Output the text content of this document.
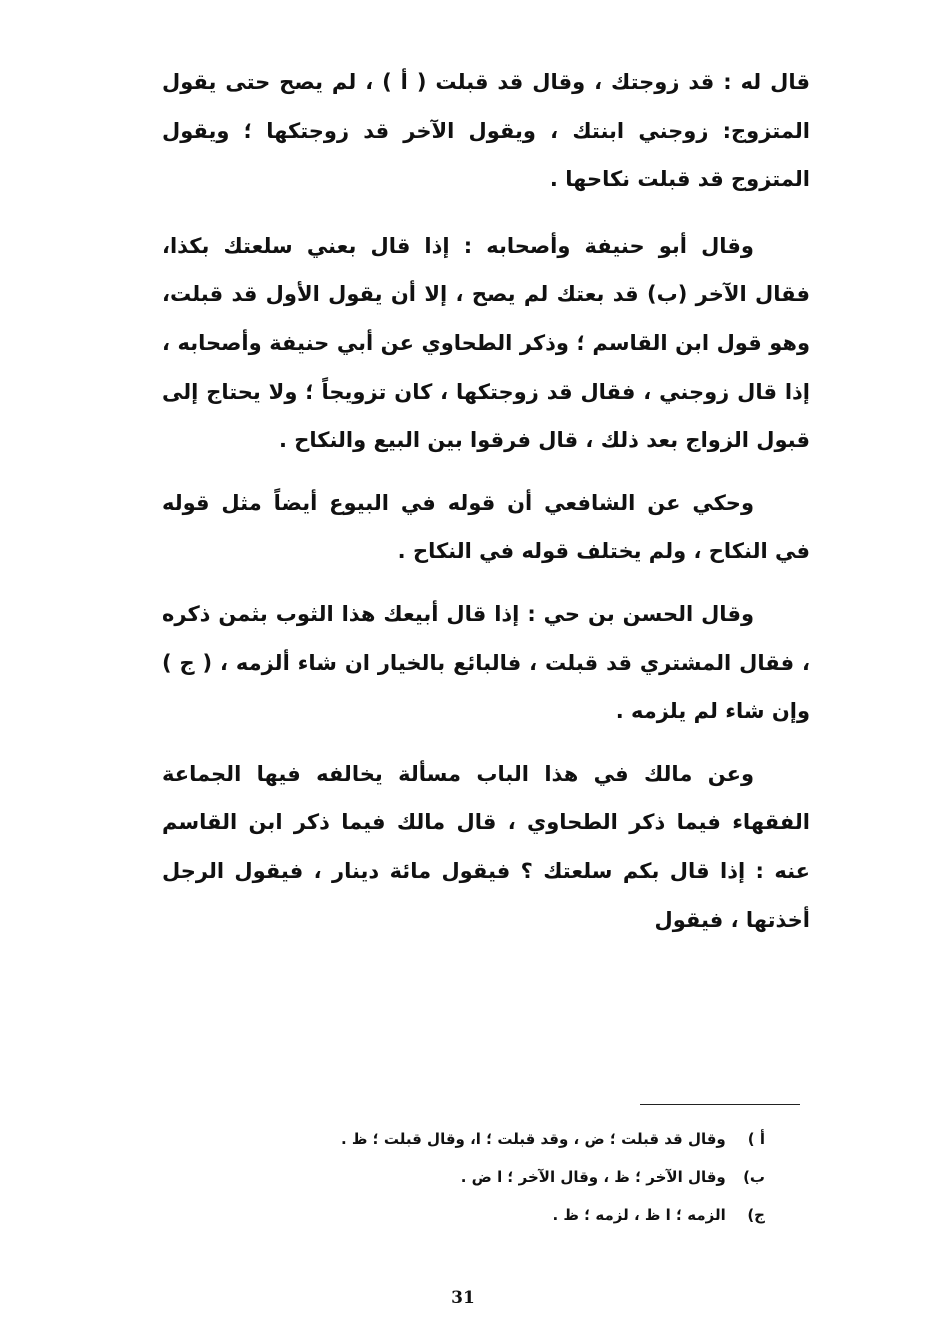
قال له : قد زوجتك ، وقال قد قبلت ( أ ) ، لم يصح حتى يقول المتزوج: زوجني ابنتك ، ويقول الآخر قد زوجتكها ؛ ويقول المتزوج قد قبلت نكاحها .

وقال أبو حنيفة وأصحابه : إذا قال بعني سلعتك بكذا، فقال الآخر (ب) قد بعتك لم يصح ، إلا أن يقول الأول قد قبلت، وهو قول ابن القاسم ؛ وذكر الطحاوي عن أبي حنيفة وأصحابه ، إذا قال زوجني ، فقال قد زوجتكها ، كان تزويجاً ؛ ولا يحتاج إلى قبول الزواج بعد ذلك ، قال فرقوا بين البيع والنكاح .

وحكي عن الشافعي أن قوله في البيوع أيضاً مثل قوله في النكاح ، ولم يختلف قوله في النكاح .

وقال الحسن بن حي : إذا قال أبيعك هذا الثوب بثمن ذكره ، فقال المشتري قد قبلت ، فالبائع بالخيار ان شاء ألزمه ، ( ج ) وإن شاء لم يلزمه .

وعن مالك في هذا الباب مسألة يخالفه فيها الجماعة الفقهاء فيما ذكر الطحاوي ، قال مالك فيما ذكر ابن القاسم عنه : إذا قال بكم سلعتك ؟ فيقول مائة دينار ، فيقول الرجل أخذتها ، فيقول

أ ) وقال قد قبلت ؛ ض ، وقد قبلت ؛ ا، وقال قبلت ؛ ظ .
ب) وقال الآخر ؛ ظ ، وقال الآخر ؛ ا ض .
ج) الزمه ؛ ا ظ ، لزمه ؛ ظ .
31
